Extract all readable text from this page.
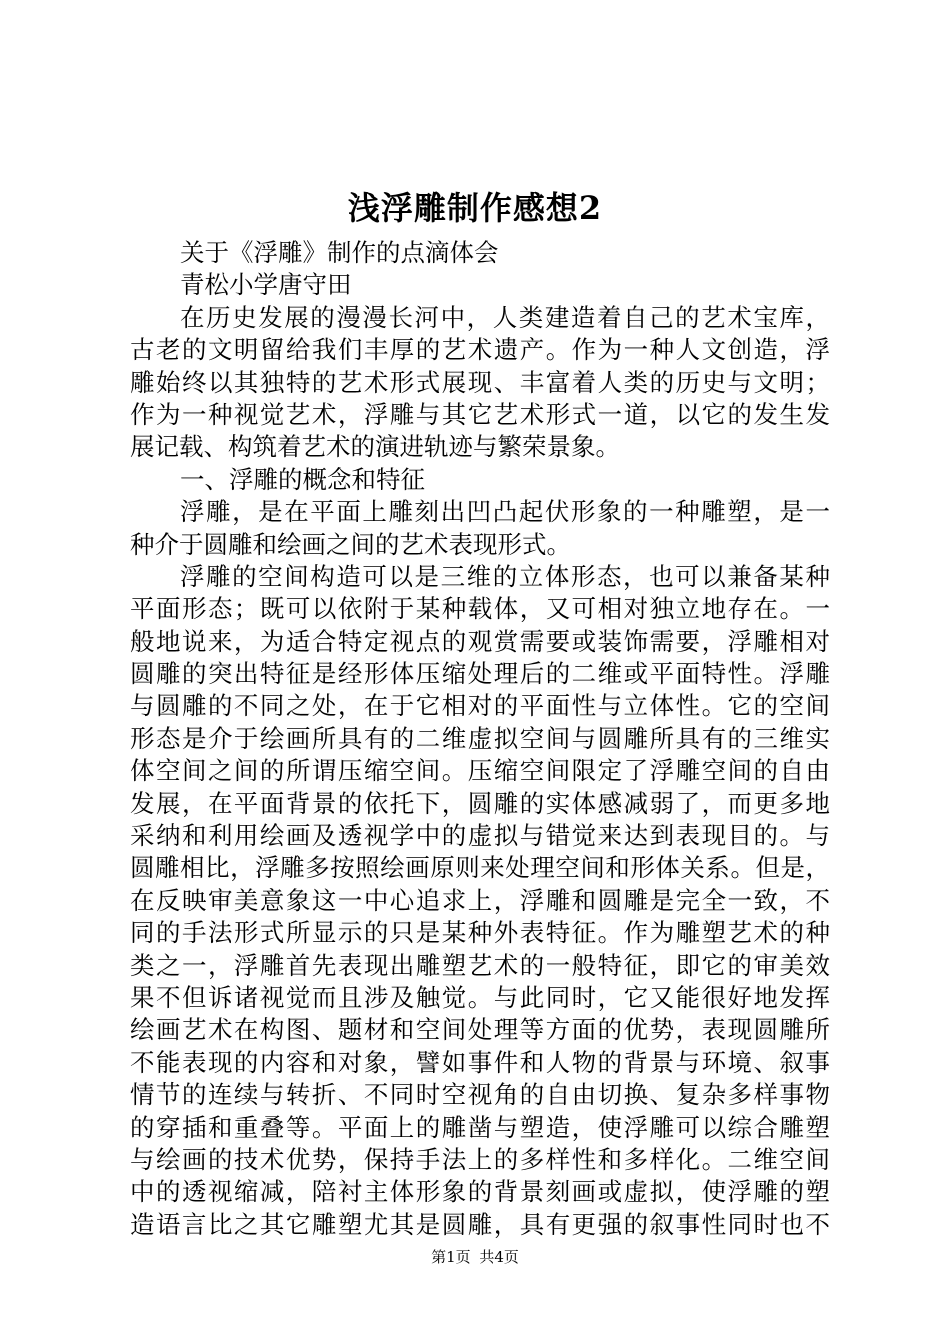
浅浮雕制作感想2
关于《浮雕》制作的点滴体会
青松小学唐守田
在历史发展的漫漫长河中，人类建造着自己的艺术宝库，
古老的文明留给我们丰厚的艺术遗产。作为一种人文创造，浮
雕始终以其独特的艺术形式展现、丰富着人类的历史与文明；
作为一种视觉艺术，浮雕与其它艺术形式一道，以它的发生发
展记载、构筑着艺术的演进轨迹与繁荣景象。
一、浮雕的概念和特征
浮雕，是在平面上雕刻出凹凸起伏形象的一种雕塑，是一
种介于圆雕和绘画之间的艺术表现形式。
浮雕的空间构造可以是三维的立体形态，也可以兼备某种
平面形态；既可以依附于某种载体，又可相对独立地存在。一
般地说来，为适合特定视点的观赏需要或装饰需要，浮雕相对
圆雕的突出特征是经形体压缩处理后的二维或平面特性。浮雕
与圆雕的不同之处，在于它相对的平面性与立体性。它的空间
形态是介于绘画所具有的二维虚拟空间与圆雕所具有的三维实
体空间之间的所谓压缩空间。压缩空间限定了浮雕空间的自由
发展，在平面背景的依托下，圆雕的实体感减弱了，而更多地
采纳和利用绘画及透视学中的虚拟与错觉来达到表现目的。与
圆雕相比，浮雕多按照绘画原则来处理空间和形体关系。但是，
在反映审美意象这一中心追求上，浮雕和圆雕是完全一致，不
同的手法形式所显示的只是某种外表特征。作为雕塑艺术的种
类之一，浮雕首先表现出雕塑艺术的一般特征，即它的审美效
果不但诉诸视觉而且涉及触觉。与此同时，它又能很好地发挥
绘画艺术在构图、题材和空间处理等方面的优势，表现圆雕所
不能表现的内容和对象，譬如事件和人物的背景与环境、叙事
情节的连续与转折、不同时空视角的自由切换、复杂多样事物
的穿插和重叠等。平面上的雕凿与塑造，使浮雕可以综合雕塑
与绘画的技术优势，保持手法上的多样性和多样化。二维空间
中的透视缩减，陪衬主体形象的背景刻画或虚拟，使浮雕的塑
造语言比之其它雕塑尤其是圆雕，具有更强的叙事性同时也不
第1页 共4页
